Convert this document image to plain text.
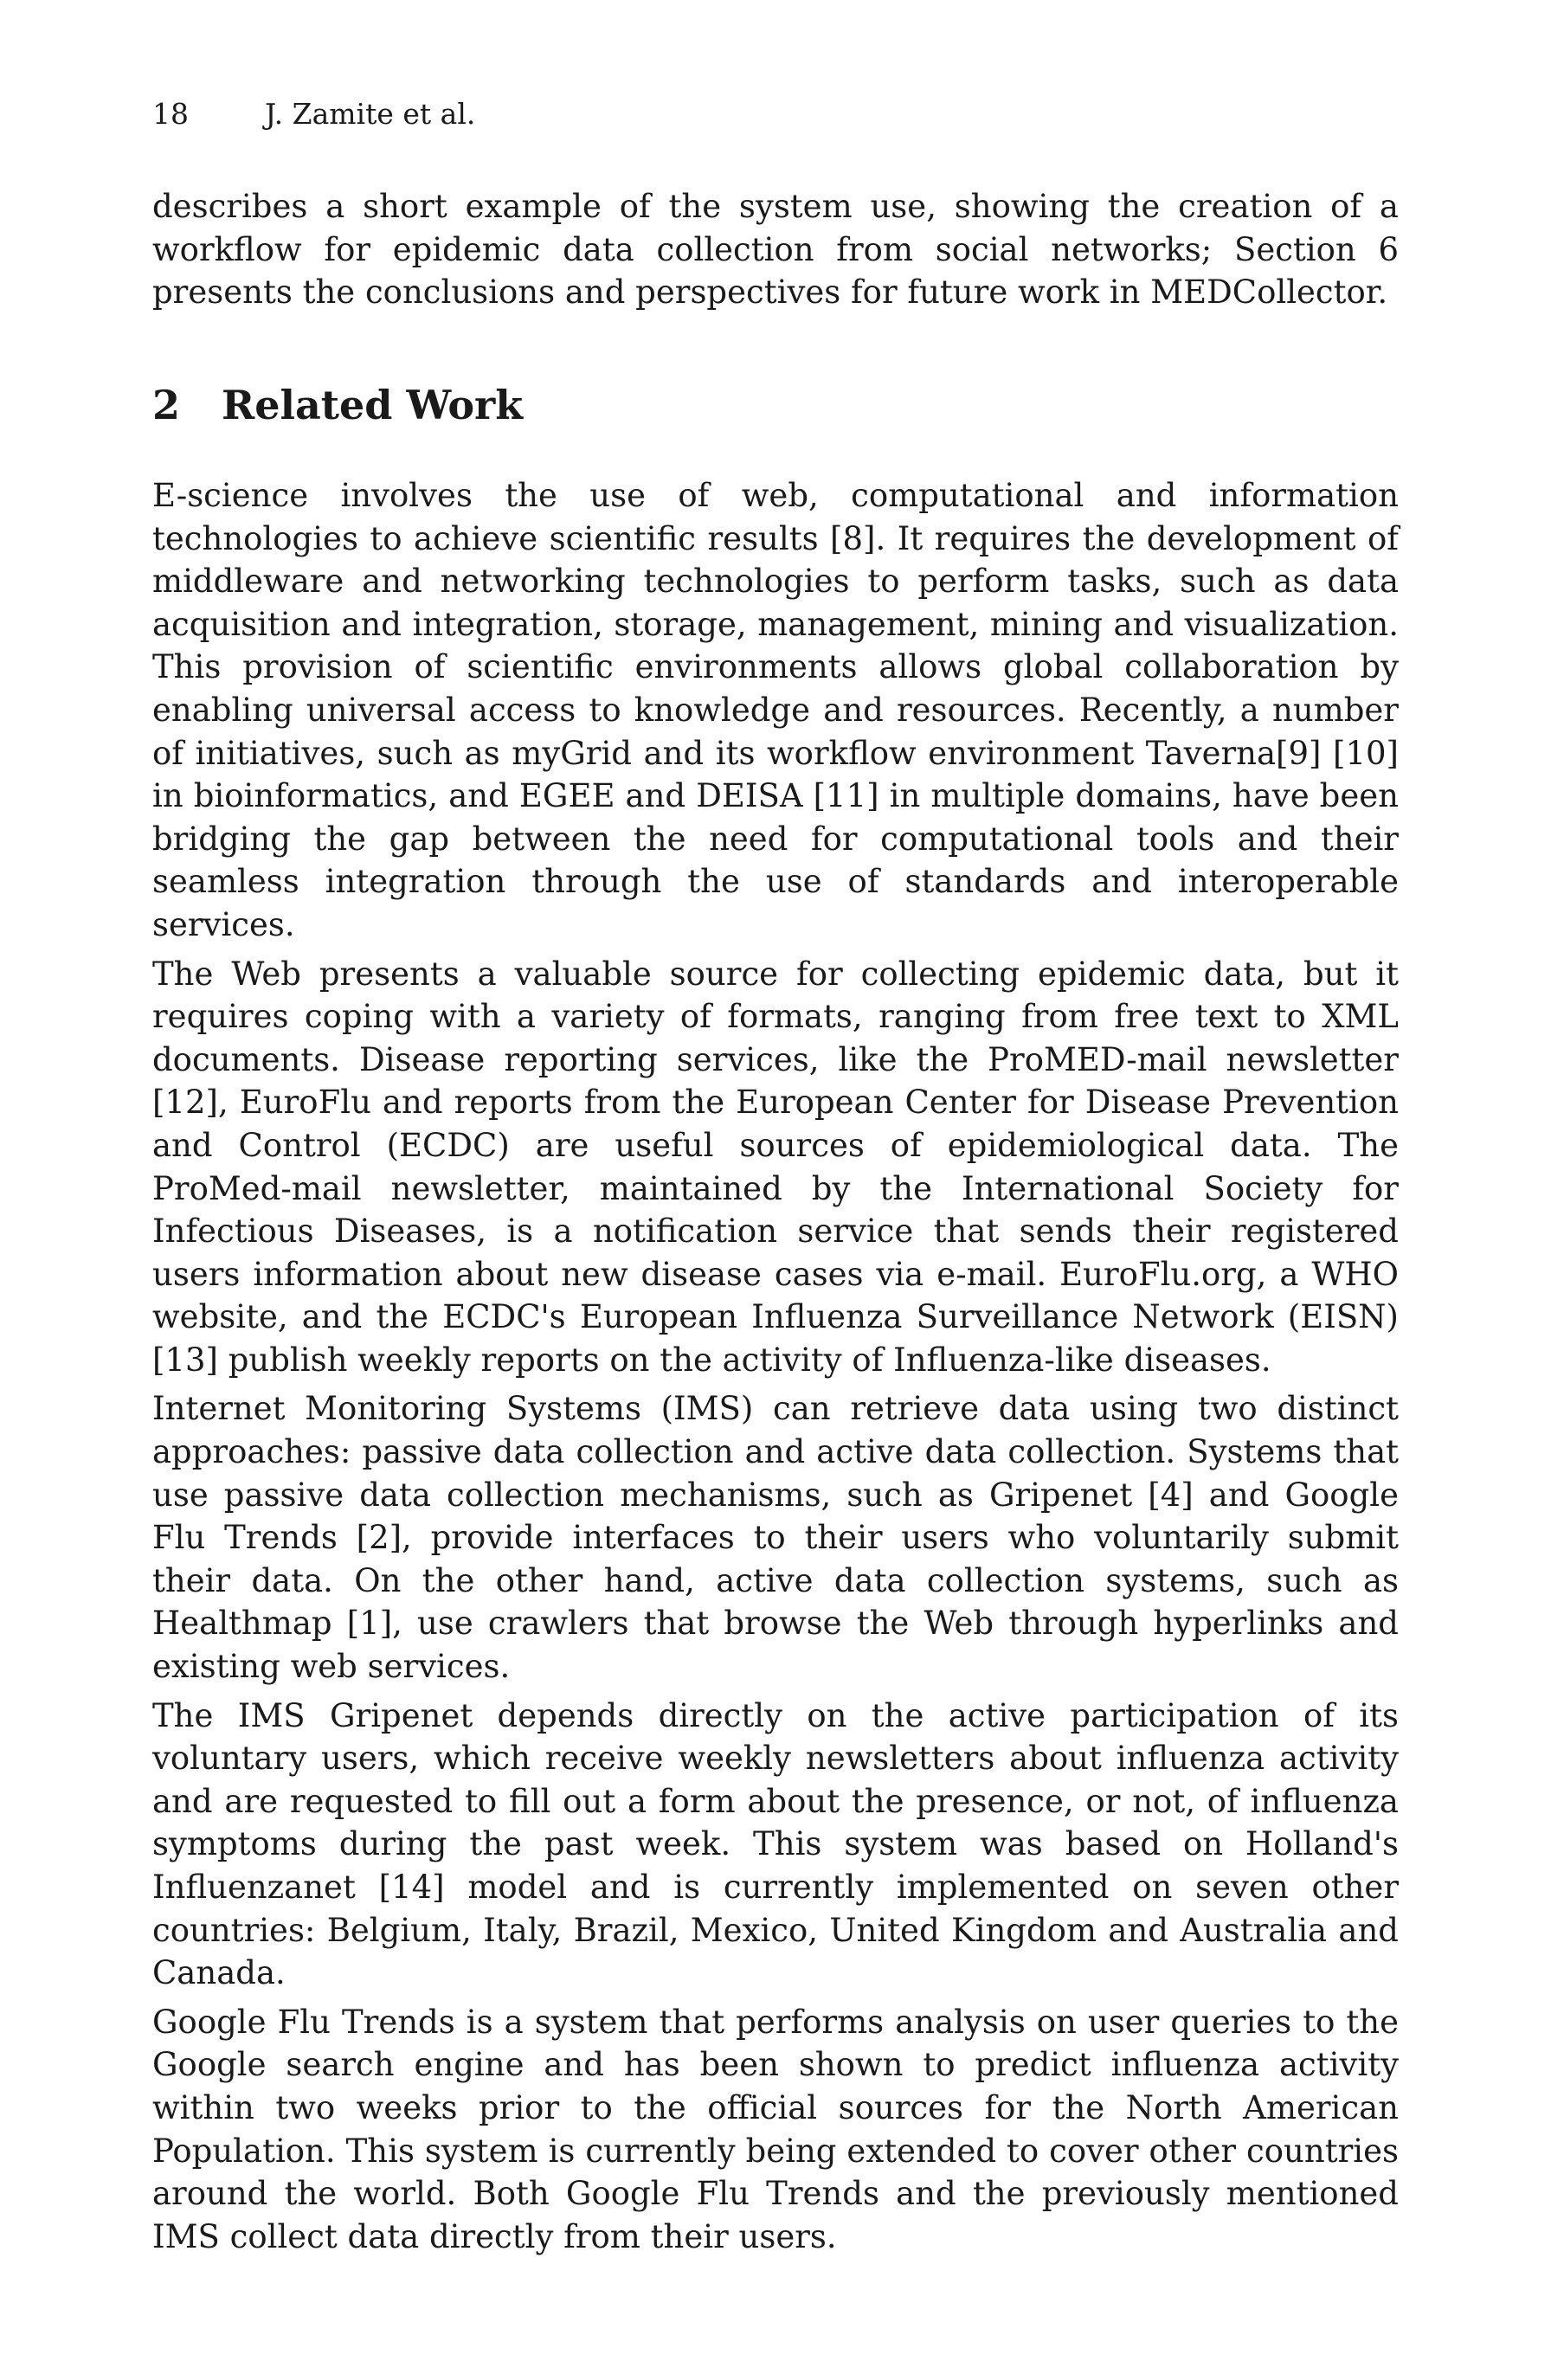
18	J. Zamite et al.

describes a short example of the system use, showing the creation of a workflow for epidemic data collection from social networks; Section 6 presents the conclusions and perspectives for future work in MEDCollector.

2 Related Work

E-science involves the use of web, computational and information technologies to achieve scientific results [8]. It requires the development of middleware and networking technologies to perform tasks, such as data acquisition and integration, storage, management, mining and visualization. This provision of scientific environments allows global collaboration by enabling universal access to knowledge and resources. Recently, a number of initiatives, such as myGrid and its workflow environment Taverna[9] [10] in bioinformatics, and EGEE and DEISA [11] in multiple domains, have been bridging the gap between the need for computational tools and their seamless integration through the use of standards and interoperable services.

The Web presents a valuable source for collecting epidemic data, but it requires coping with a variety of formats, ranging from free text to XML documents. Disease reporting services, like the ProMED-mail newsletter [12], EuroFlu and reports from the European Center for Disease Prevention and Control (ECDC) are useful sources of epidemiological data. The ProMed-mail newsletter, maintained by the International Society for Infectious Diseases, is a notification service that sends their registered users information about new disease cases via e-mail. EuroFlu.org, a WHO website, and the ECDC's European Influenza Surveillance Network (EISN) [13] publish weekly reports on the activity of Influenza-like diseases.

Internet Monitoring Systems (IMS) can retrieve data using two distinct approaches: passive data collection and active data collection. Systems that use passive data collection mechanisms, such as Gripenet [4] and Google Flu Trends [2], provide interfaces to their users who voluntarily submit their data. On the other hand, active data collection systems, such as Healthmap [1], use crawlers that browse the Web through hyperlinks and existing web services.

The IMS Gripenet depends directly on the active participation of its voluntary users, which receive weekly newsletters about influenza activity and are requested to fill out a form about the presence, or not, of influenza symptoms during the past week. This system was based on Holland's Influenzanet [14] model and is currently implemented on seven other countries: Belgium, Italy, Brazil, Mexico, United Kingdom and Australia and Canada.

Google Flu Trends is a system that performs analysis on user queries to the Google search engine and has been shown to predict influenza activity within two weeks prior to the official sources for the North American Population. This system is currently being extended to cover other countries around the world. Both Google Flu Trends and the previously mentioned IMS collect data directly from their users.
